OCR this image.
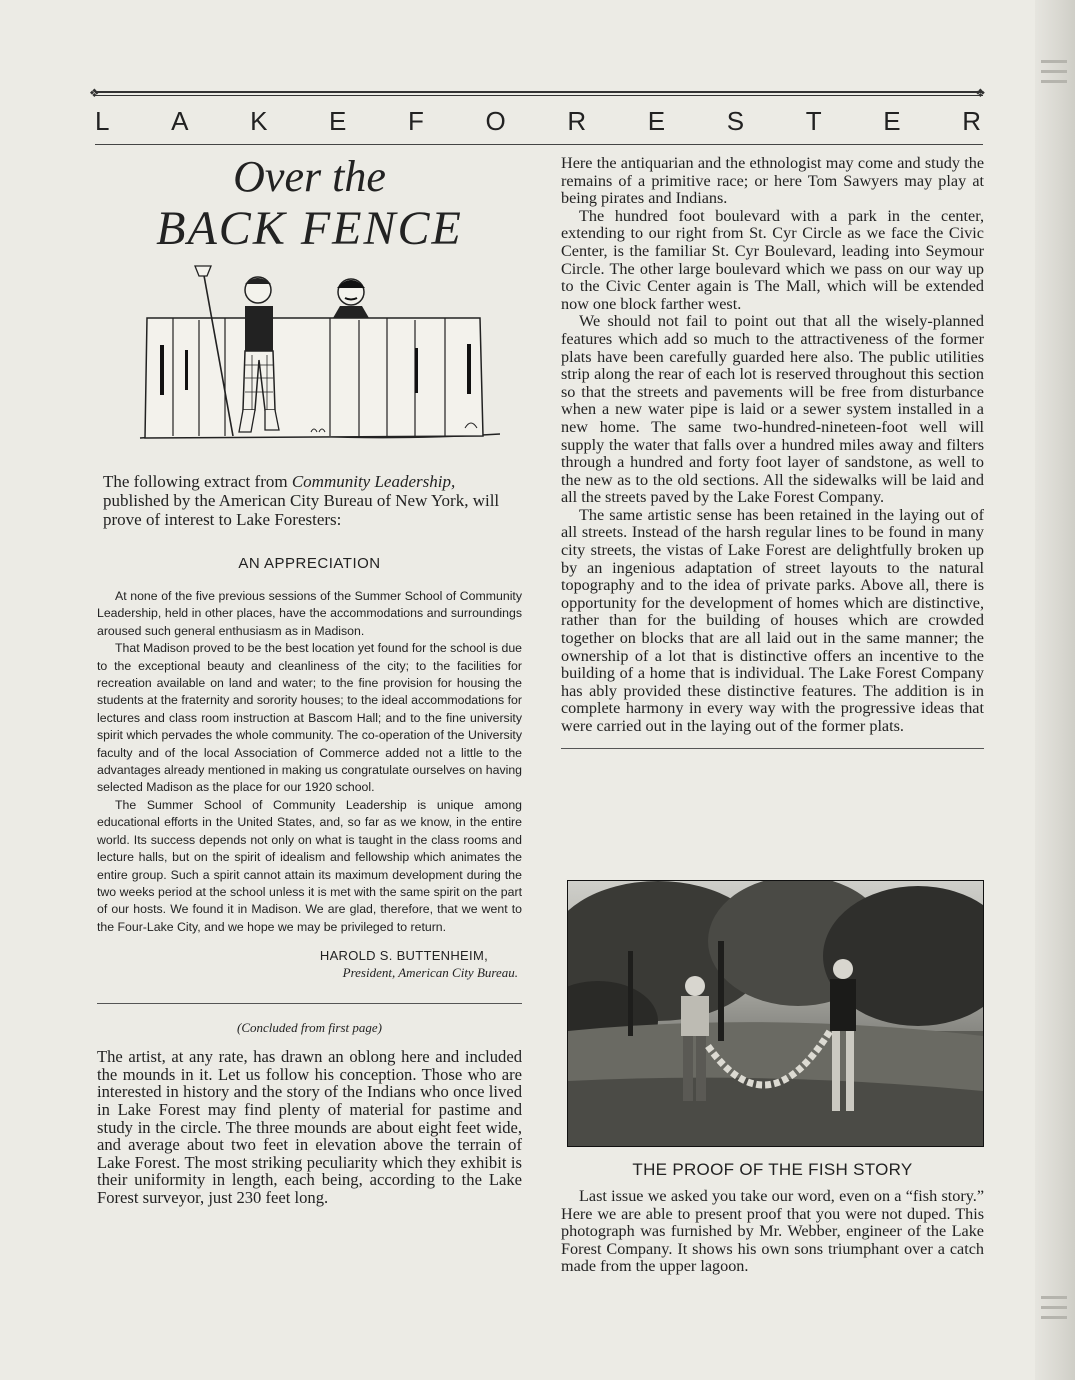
❖	❖
L A K E F O R E S T E R
Over the
BACK FENCE

The following extract from Community Leadership, published by the American City Bureau of New York, will prove of interest to Lake Foresters:

AN APPRECIATION

At none of the five previous sessions of the Summer School of Community Leadership, held in other places, have the accommodations and surroundings aroused such general enthusiasm as in Madison.

That Madison proved to be the best location yet found for the school is due to the exceptional beauty and cleanliness of the city; to the facilities for recreation available on land and water; to the fine provision for housing the students at the fraternity and sorority houses; to the ideal accommodations for lectures and class room instruction at Bascom Hall; and to the fine university spirit which pervades the whole community. The co-operation of the University faculty and of the local Association of Commerce added not a little to the advantages already mentioned in making us congratulate ourselves on having selected Madison as the place for our 1920 school.

The Summer School of Community Leadership is unique among educational efforts in the United States, and, so far as we know, in the entire world. Its success depends not only on what is taught in the class rooms and lecture halls, but on the spirit of idealism and fellowship which animates the entire group. Such a spirit cannot attain its maximum development during the two weeks period at the school unless it is met with the same spirit on the part of our hosts. We found it in Madison. We are glad, therefore, that we went to the Four-Lake City, and we hope we may be privileged to return.

HAROLD S. BUTTENHEIM,
President, American City Bureau.
(Concluded from first page)

The artist, at any rate, has drawn an oblong here and included the mounds in it. Let us follow his conception. Those who are interested in history and the story of the Indians who once lived in Lake Forest may find plenty of material for pastime and study in the circle. The three mounds are about eight feet wide, and average about two feet in elevation above the terrain of Lake Forest. The most striking peculiarity which they exhibit is their uniformity in length, each being, according to the Lake Forest surveyor, just 230 feet long.

Here the antiquarian and the ethnologist may come and study the remains of a primitive race; or here Tom Sawyers may play at being pirates and Indians.

The hundred foot boulevard with a park in the center, extending to our right from St. Cyr Circle as we face the Civic Center, is the familiar St. Cyr Boulevard, leading into Seymour Circle. The other large boulevard which we pass on our way up to the Civic Center again is The Mall, which will be extended now one block farther west.

We should not fail to point out that all the wisely-planned features which add so much to the attractiveness of the former plats have been carefully guarded here also. The public utilities strip along the rear of each lot is reserved throughout this section so that the streets and pavements will be free from disturbance when a new water pipe is laid or a sewer system installed in a new home. The same two-hundred-nineteen-foot well will supply the water that falls over a hundred miles away and filters through a hundred and forty foot layer of sandstone, as well to the new as to the old sections. All the sidewalks will be laid and all the streets paved by the Lake Forest Company.

The same artistic sense has been retained in the laying out of all streets. Instead of the harsh regular lines to be found in many city streets, the vistas of Lake Forest are delightfully broken up by an ingenious adaptation of street layouts to the natural topography and to the idea of private parks. Above all, there is opportunity for the development of homes which are distinctive, rather than for the building of houses which are crowded together on blocks that are all laid out in the same manner; the ownership of a lot that is distinctive offers an incentive to the building of a home that is individual. The Lake Forest Company has ably provided these distinctive features. The addition is in complete harmony in every way with the progressive ideas that were carried out in the laying out of the former plats.

THE PROOF OF THE FISH STORY

Last issue we asked you take our word, even on a “fish story.” Here we are able to present proof that you were not duped. This photograph was furnished by Mr. Webber, engineer of the Lake Forest Company. It shows his own sons triumphant over a catch made from the upper lagoon.
